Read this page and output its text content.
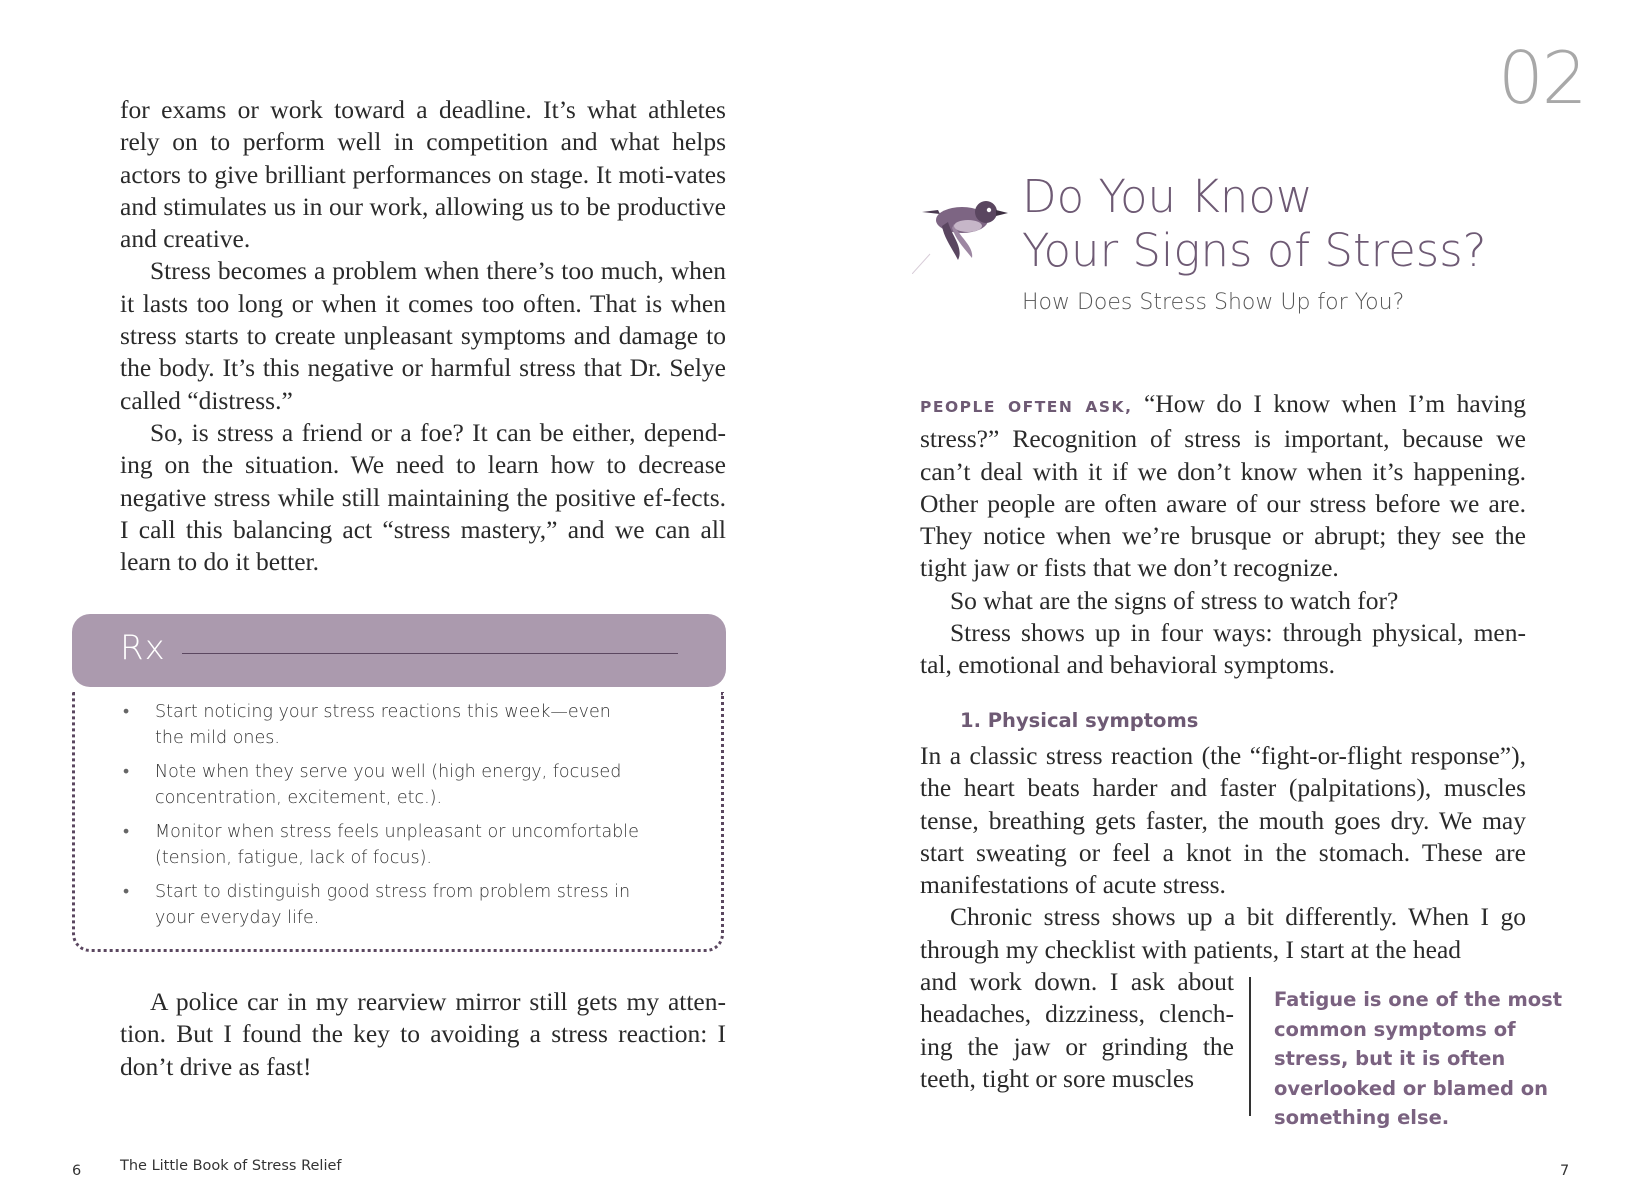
for exams or work toward a deadline. It’s what athletes rely on to perform well in competition and what helps actors to give brilliant performances on stage. It moti-vates and stimulates us in our work, allowing us to be productive and creative.

Stress becomes a problem when there’s too much, when it lasts too long or when it comes too often. That is when stress starts to create unpleasant symptoms and damage to the body. It’s this negative or harmful stress that Dr. Selye called “distress.”

So, is stress a friend or a foe? It can be either, depend-ing on the situation. We need to learn how to decrease negative stress while still maintaining the positive ef-fects. I call this balancing act “stress mastery,” and we can all learn to do it better.

Rx
• Start noticing your stress reactions this week—even the mild ones.
• Note when they serve you well (high energy, focused concentration, excitement, etc.).
• Monitor when stress feels unpleasant or uncomfortable (tension, fatigue, lack of focus).
• Start to distinguish good stress from problem stress in your everyday life.

A police car in my rearview mirror still gets my atten-tion. But I found the key to avoiding a stress reaction: I don’t drive as fast!

6	The Little Book of Stress Relief
02
Do You Know
Your Signs of Stress?
How Does Stress Show Up for You?

PEOPLE OFTEN ASK, “How do I know when I’m having stress?” Recognition of stress is important, because we can’t deal with it if we don’t know when it’s happening. Other people are often aware of our stress before we are. They notice when we’re brusque or abrupt; they see the tight jaw or fists that we don’t recognize.

So what are the signs of stress to watch for?

Stress shows up in four ways: through physical, men-tal, emotional and behavioral symptoms.

1. Physical symptoms

In a classic stress reaction (the “fight-or-flight response”), the heart beats harder and faster (palpitations), muscles tense, breathing gets faster, the mouth goes dry. We may start sweating or feel a knot in the stomach. These are manifestations of acute stress.

Chronic stress shows up a bit differently. When I go through my checklist with patients, I start at the head

and work down. I ask about headaches, dizziness, clench-ing the jaw or grinding the teeth, tight or sore muscles

Fatigue is one of the most common symptoms of stress, but it is often overlooked or blamed on something else.
7
